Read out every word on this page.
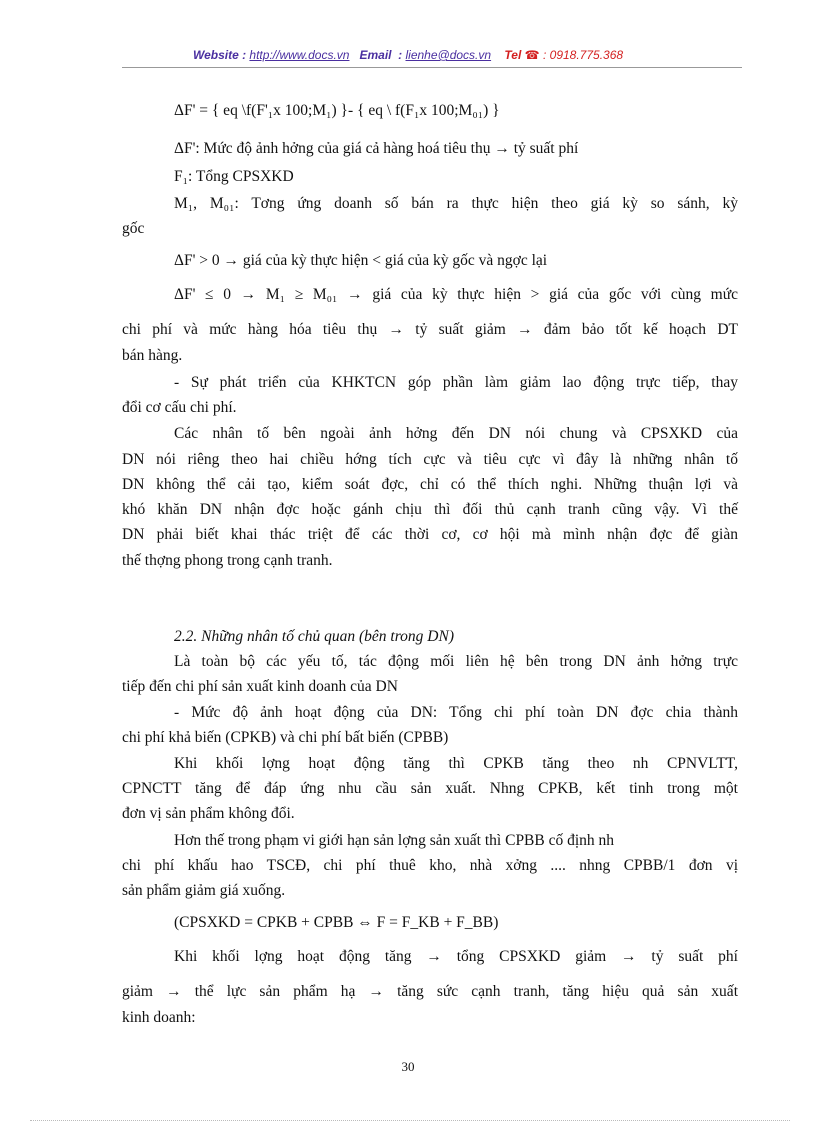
Website : http://www.docs.vn Email  : lienhe@docs.vn Tel ☎ : 0918.775.368
ΔF' = { eq \f(F'₁x 100;M₁) }- { eq \ f(F₁x 100;M₀₁) }
ΔF': Mức độ ảnh hởng của giá cả hàng hoá tiêu thụ → tỷ suất phí
F₁: Tổng CPSXKD
M₁, M₀₁: Tơng ứng doanh số bán ra thực hiện theo giá kỳ so sánh, kỳ
gốc
ΔF' > 0 → giá của kỳ thực hiện < giá của kỳ gốc và ngợc lại
ΔF' ≤ 0 → M₁ ≥ M₀₁ → giá của kỳ thực hiện > giá của gốc với cùng mức
chi phí và mức hàng hóa tiêu thụ → tỷ suất giảm → đảm bảo tốt kế hoạch DT
bán hàng.
- Sự phát triển của KHKTCN góp phần làm giảm lao động trực tiếp, thay
đổi cơ cấu chi phí.
Các nhân tố bên ngoài ảnh hởng đến DN nói chung và CPSXKD của
DN nói riêng theo hai chiều hớng tích cực và tiêu cực vì đây là những nhân tố
DN không thể cải tạo, kiểm soát đợc, chỉ có thể thích nghi. Những thuận lợi và
khó khăn DN nhận đợc hoặc gánh chịu thì đối thủ cạnh tranh cũng vậy. Vì thế
DN phải biết khai thác triệt để các thời cơ, cơ hội mà mình nhận đợc để giàn
thế thợng phong trong cạnh tranh.
2.2. Những nhân tố chủ quan (bên trong DN)
Là toàn bộ các yếu tố, tác động mối liên hệ bên trong DN ảnh hởng trực
tiếp đến chi phí sản xuất kinh doanh của DN
- Mức độ ảnh hoạt động của DN: Tổng chi phí toàn DN đợc chia thành
chi phí khả biến (CPKB) và chi phí bất biến (CPBB)
Khi khối lợng hoạt động tăng thì CPKB tăng theo nh CPNVLTT,
CPNCTT tăng để đáp ứng nhu cầu sản xuất. Nhng CPKB, kết tinh trong một
đơn vị sản phẩm không đổi.
Hơn thế trong phạm vi giới hạn sản lợng sản xuất thì CPBB cố định nh
chi phí khấu hao TSCĐ, chi phí thuê kho, nhà xởng .... nhng CPBB/1 đơn vị
sản phẩm giảm giá xuống.
(CPSXKD = CPKB + CPBB ⇔ F = F_KB + F_BB)
Khi khối lợng hoạt động tăng → tổng CPSXKD giảm → tỷ suất phí
giảm → thể lực sản phẩm hạ → tăng sức cạnh tranh, tăng hiệu quả sản xuất
kinh doanh:
30
